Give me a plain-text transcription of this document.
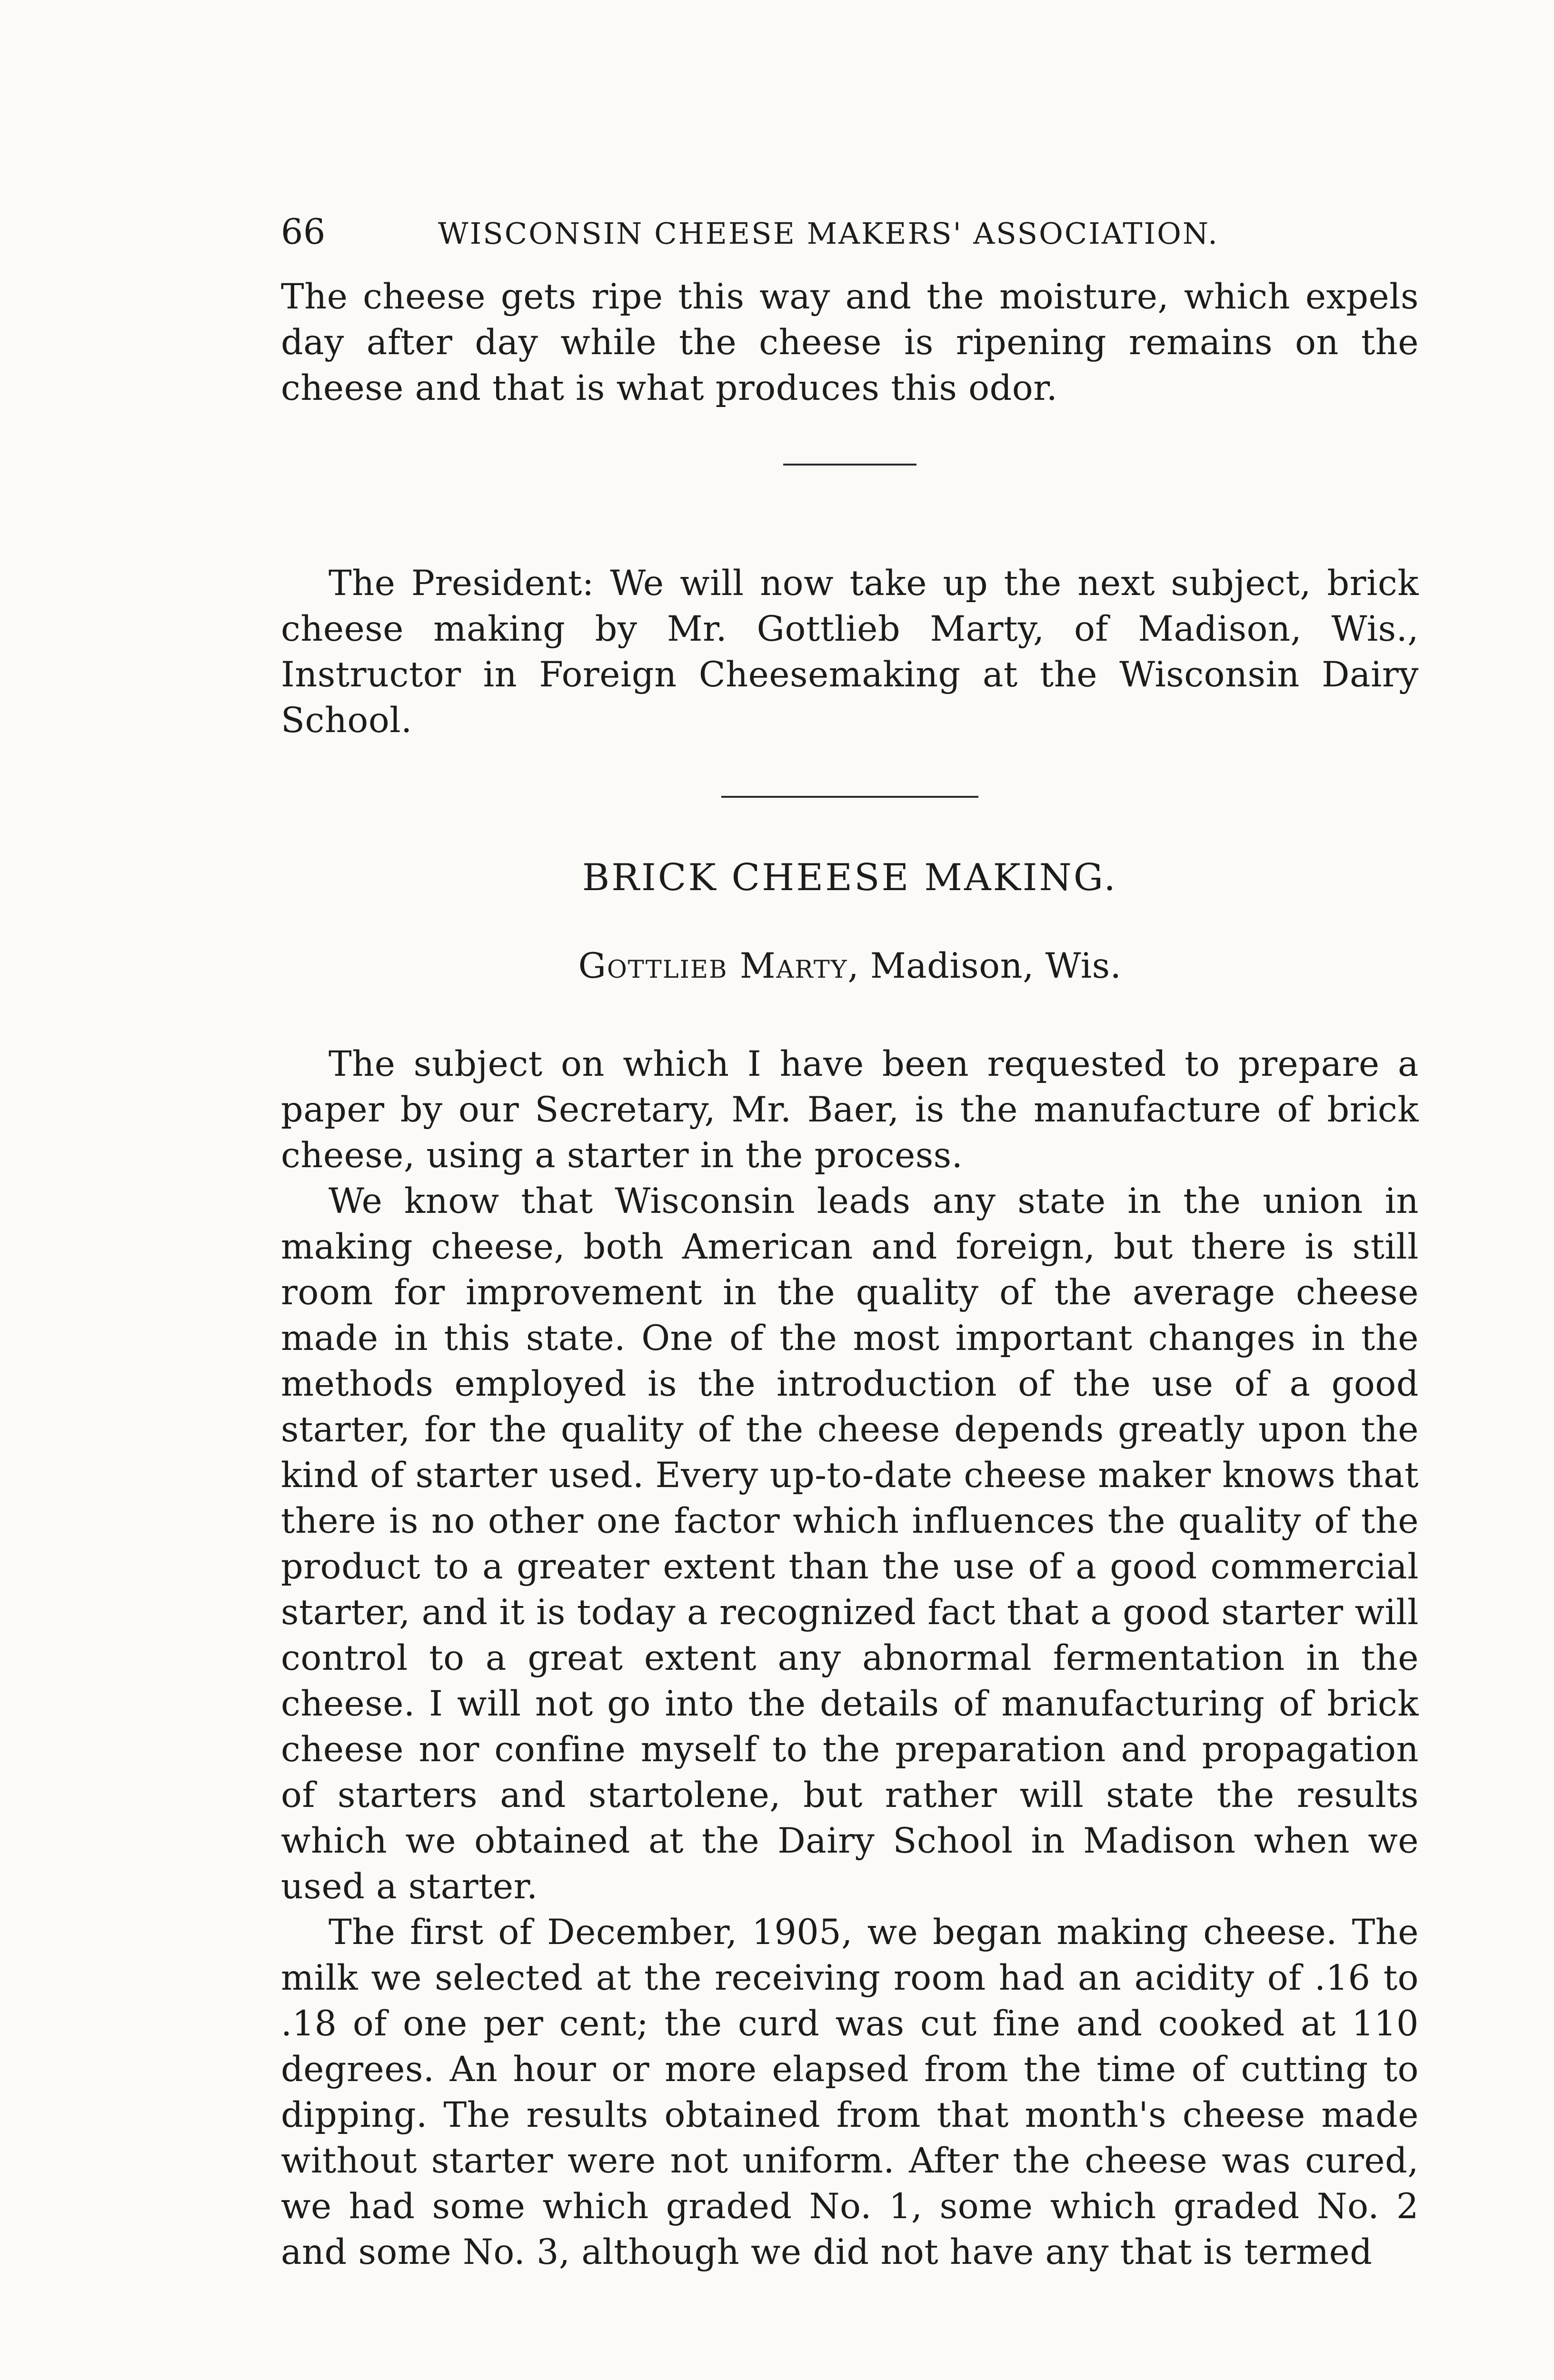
66	WISCONSIN CHEESE MAKERS' ASSOCIATION.

The cheese gets ripe this way and the moisture, which expels day after day while the cheese is ripening remains on the cheese and that is what produces this odor.

The President: We will now take up the next subject, brick cheese making by Mr. Gottlieb Marty, of Madison, Wis., Instructor in Foreign Cheesemaking at the Wisconsin Dairy School.

BRICK CHEESE MAKING.
Gottlieb Marty, Madison, Wis.

The subject on which I have been requested to prepare a paper by our Secretary, Mr. Baer, is the manufacture of brick cheese, using a starter in the process.

We know that Wisconsin leads any state in the union in making cheese, both American and foreign, but there is still room for improvement in the quality of the average cheese made in this state. One of the most important changes in the methods employed is the introduction of the use of a good starter, for the quality of the cheese depends greatly upon the kind of starter used. Every up-to-date cheese maker knows that there is no other one factor which influences the quality of the product to a greater extent than the use of a good commercial starter, and it is today a recognized fact that a good starter will control to a great extent any abnormal fermentation in the cheese. I will not go into the details of manufacturing of brick cheese nor confine myself to the preparation and propagation of starters and startolene, but rather will state the results which we obtained at the Dairy School in Madison when we used a starter.

The first of December, 1905, we began making cheese. The milk we selected at the receiving room had an acidity of .16 to .18 of one per cent; the curd was cut fine and cooked at 110 degrees. An hour or more elapsed from the time of cutting to dipping. The results obtained from that month's cheese made without starter were not uniform. After the cheese was cured, we had some which graded No. 1, some which graded No. 2 and some No. 3, although we did not have any that is termed
